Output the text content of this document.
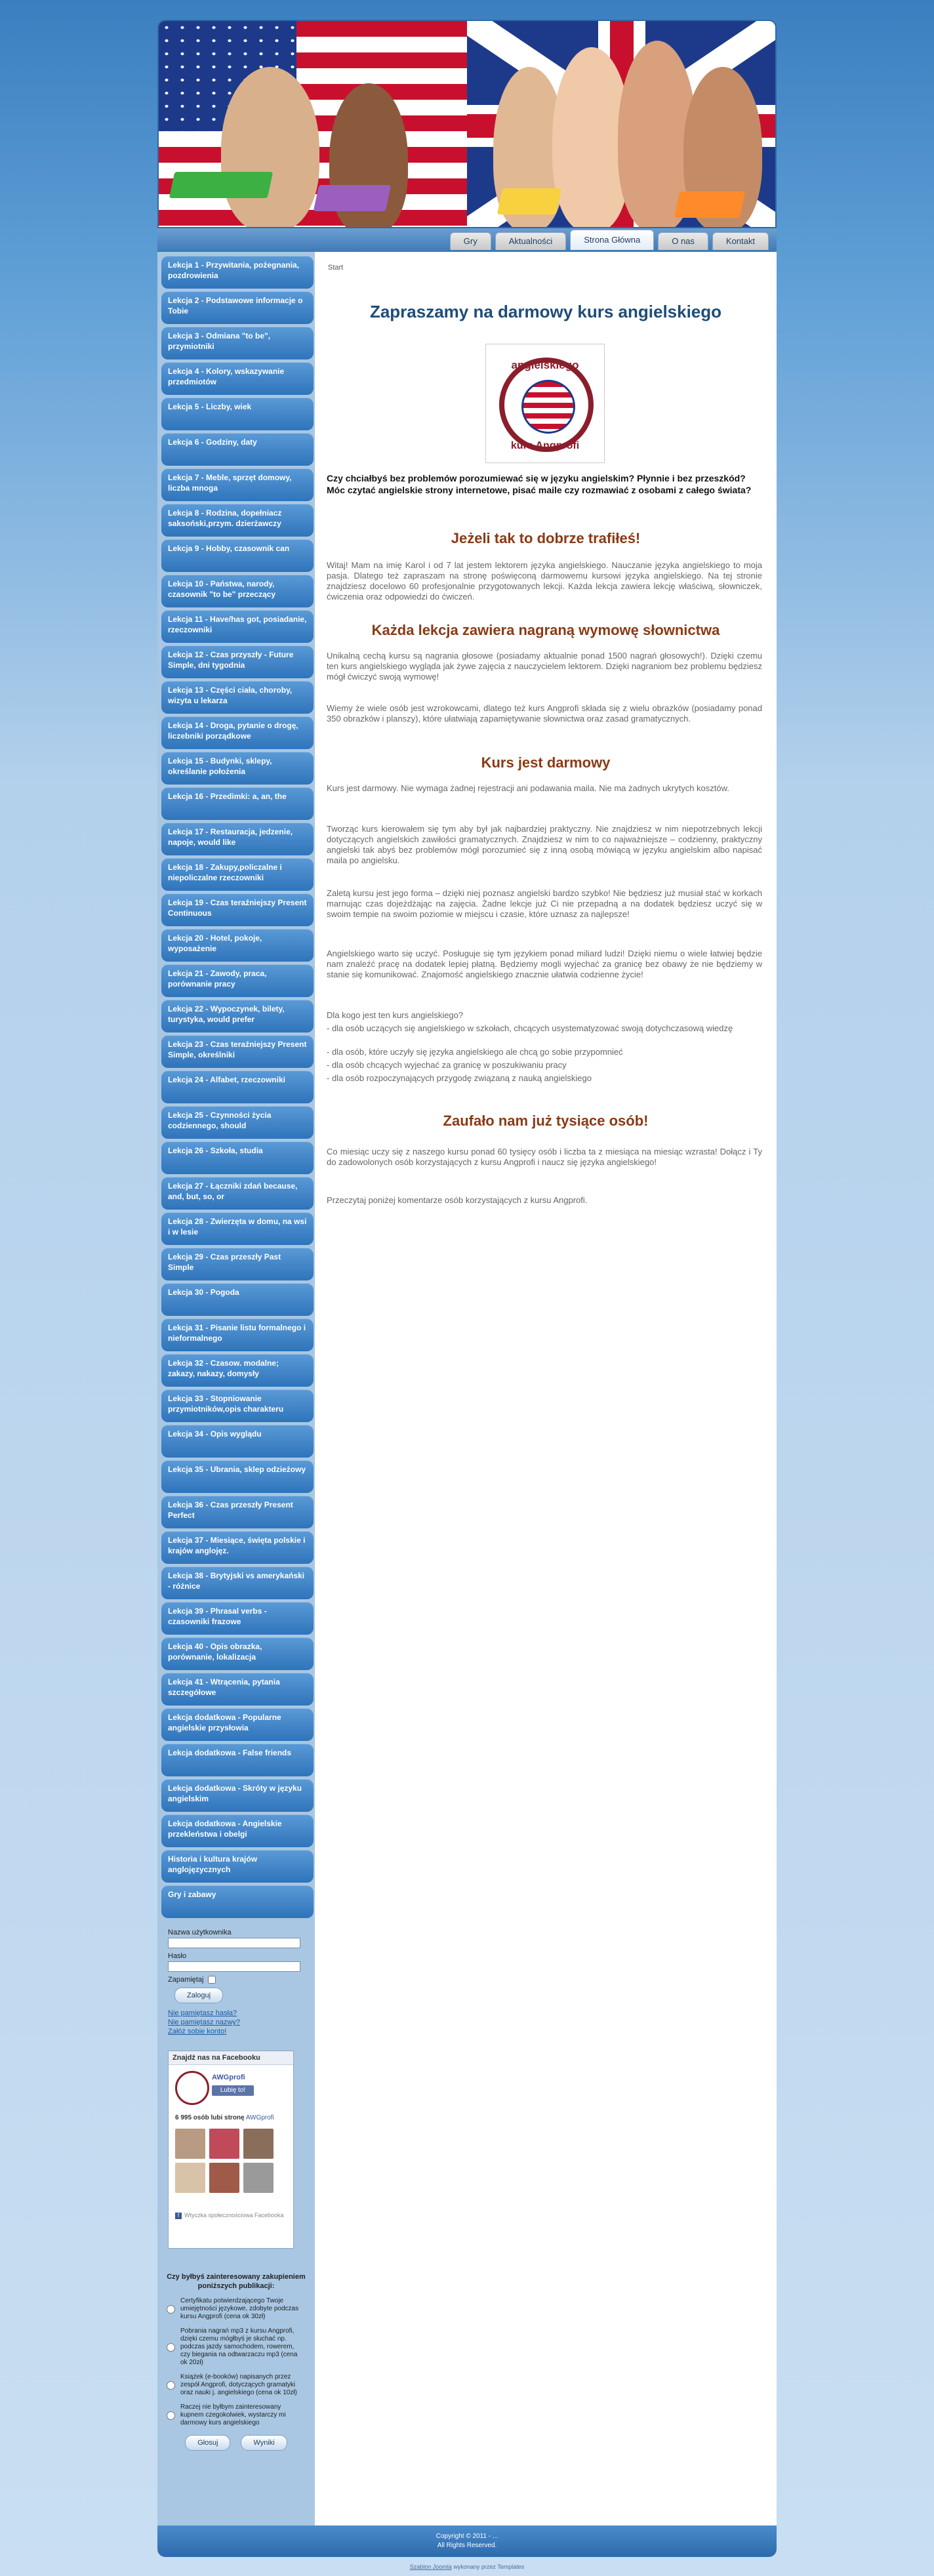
Gry	Aktualności	Strona Główna	O nas	Kontakt
Lekcja 1 - Przywitania, pożegnania, pozdrowienia
Lekcja 2 - Podstawowe informacje o Tobie
Lekcja 3 - Odmiana "to be", przymiotniki
Lekcja 4 - Kolory, wskazywanie przedmiotów
Lekcja 5 - Liczby, wiek
Lekcja 6 - Godziny, daty
Lekcja 7 - Meble, sprzęt domowy, liczba mnoga
Lekcja 8 - Rodzina, dopełniacz saksoński,przym. dzierżawczy
Lekcja 9 - Hobby, czasownik can
Lekcja 10 - Państwa, narody, czasownik "to be" przeczący
Lekcja 11 - Have/has got, posiadanie, rzeczowniki
Lekcja 12 - Czas przyszły - Future Simple, dni tygodnia
Lekcja 13 - Części ciała, choroby, wizyta u lekarza
Lekcja 14 - Droga, pytanie o drogę, liczebniki porządkowe
Lekcja 15 - Budynki, sklepy, określanie położenia
Lekcja 16 - Przedimki: a, an, the
Lekcja 17 - Restauracja, jedzenie, napoje, would like
Lekcja 18 - Zakupy,policzalne i niepoliczalne rzeczowniki
Lekcja 19 - Czas teraźniejszy Present Continuous
Lekcja 20 - Hotel, pokoje, wyposażenie
Lekcja 21 - Zawody, praca, porównanie pracy
Lekcja 22 - Wypoczynek, bilety, turystyka, would prefer
Lekcja 23 - Czas teraźniejszy Present Simple, określniki
Lekcja 24 - Alfabet, rzeczowniki
Lekcja 25 - Czynności życia codziennego, should
Lekcja 26 - Szkoła, studia
Lekcja 27 - Łączniki zdań because, and, but, so, or
Lekcja 28 - Zwierzęta w domu, na wsi i w lesie
Lekcja 29 - Czas przeszły Past Simple
Lekcja 30 - Pogoda
Lekcja 31 - Pisanie listu formalnego i nieformalnego
Lekcja 32 - Czasow. modalne; zakazy, nakazy, domysły
Lekcja 33 - Stopniowanie przymiotników,opis charakteru
Lekcja 34 - Opis wyglądu
Lekcja 35 - Ubrania, sklep odzieżowy
Lekcja 36 - Czas przeszły Present Perfect
Lekcja 37 - Miesiące, święta polskie i krajów anglojęz.
Lekcja 38 - Brytyjski vs amerykański - różnice
Lekcja 39 - Phrasal verbs - czasowniki frazowe
Lekcja 40 - Opis obrazka, porównanie, lokalizacja
Lekcja 41 - Wtrącenia, pytania szczegółowe
Lekcja dodatkowa - Popularne angielskie przysłowia
Lekcja dodatkowa - False friends
Lekcja dodatkowa - Skróty w języku angielskim
Lekcja dodatkowa - Angielskie przekleństwa i obelgi
Historia i kultura krajów anglojęzycznych
Gry i zabawy
Nazwa użytkownika
Hasło
Zapamiętaj
Zaloguj
Nie pamiętasz hasła?
Nie pamiętasz nazwy?
Załóż sobie konto!
Znajdź nas na Facebooku
AWGprofi
Lubię to!
6 995 osób lubi stronę AWGprofi
f Wtyczka społecznościowa Facebooka
Czy byłbyś zainteresowany zakupieniem poniższych publikacji:
Certyfikatu potwierdzającego Twoje umiejętności językowe, zdobyte podczas kursu Angprofi (cena ok 30zł)
Pobrania nagrań mp3 z kursu Angprofi, dzięki czemu mógłbyś je słuchać np. podczas jazdy samochodem, rowerem, czy biegania na odtwarzaczu mp3 (cena ok 20zł)
Książek (e-booków) napisanych przez zespół Angprofi, dotyczących gramatyki oraz nauki j. angielskiego (cena ok 10zł)
Raczej nie byłbym zainteresowany kupnem czegokolwiek, wystarczy mi darmowy kurs angielskiego
Głosuj	Wyniki
Start
Zapraszamy na darmowy kurs angielskiego
angielskiego
kurs Angprofi

Czy chciałbyś bez problemów porozumiewać się w języku angielskim? Płynnie i bez przeszkód? Móc czytać angielskie strony internetowe, pisać maile czy rozmawiać z osobami z całego świata?

Jeżeli tak to dobrze trafiłeś!

Witaj! Mam na imię Karol i od 7 lat jestem lektorem języka angielskiego. Nauczanie języka angielskiego to moja pasja. Dlatego też zapraszam na stronę poświęconą darmowemu kursowi języka angielskiego. Na tej stronie znajdziesz docelowo 60 profesjonalnie przygotowanych lekcji. Każda lekcja zawiera lekcję właściwą, słowniczek, ćwiczenia oraz odpowiedzi do ćwiczeń.

Każda lekcja zawiera nagraną wymowę słownictwa

Unikalną cechą kursu są nagrania głosowe (posiadamy aktualnie ponad 1500 nagrań głosowych!). Dzięki czemu ten kurs angielskiego wygląda jak żywe zajęcia z nauczycielem lektorem. Dzięki nagraniom bez problemu będziesz mógł ćwiczyć swoją wymowę!

Wiemy że wiele osób jest wzrokowcami, dlatego też kurs Angprofi składa się z wielu obrazków (posiadamy ponad 350 obrazków i planszy), które ułatwiają zapamiętywanie słownictwa oraz zasad gramatycznych.

Kurs jest darmowy

Kurs jest darmowy. Nie wymaga żadnej rejestracji ani podawania maila. Nie ma żadnych ukrytych kosztów.

Tworząc kurs kierowałem się tym aby był jak najbardziej praktyczny. Nie znajdziesz w nim niepotrzebnych lekcji dotyczących angielskich zawiłości gramatycznych. Znajdziesz w nim to co najważniejsze – codzienny, praktyczny angielski tak abyś bez problemów mógł porozumieć się z inną osobą mówiącą w języku angielskim albo napisać maila po angielsku.

Zaletą kursu jest jego forma – dzięki niej poznasz angielski bardzo szybko! Nie będziesz już musiał stać w korkach marnując czas dojeżdżając na zajęcia. Żadne lekcje już Ci nie przepadną a na dodatek będziesz uczyć się w swoim tempie na swoim poziomie w miejscu i czasie, które uznasz za najlepsze!

Angielskiego warto się uczyć. Posługuje się tym językiem ponad miliard ludzi! Dzięki niemu o wiele łatwiej będzie nam znaleźć pracę na dodatek lepiej płatną. Będziemy mogli wyjechać za granicę bez obawy że nie będziemy w stanie się komunikować. Znajomość angielskiego znacznie ułatwia codzienne życie!

Dla kogo jest ten kurs angielskiego?

- dla osób uczących się angielskiego w szkołach, chcących usystematyzować swoją dotychczasową wiedzę

- dla osób, które uczyły się języka angielskiego ale chcą go sobie przypomnieć

- dla osób chcących wyjechać za granicę w poszukiwaniu pracy

- dla osób rozpoczynających przygodę związaną z nauką angielskiego

Zaufało nam już tysiące osób!

Co miesiąc uczy się z naszego kursu ponad 60 tysięcy osób i liczba ta z miesiąca na miesiąc wzrasta! Dołącz i Ty do zadowolonych osób korzystających z kursu Angprofi i naucz się języka angielskiego!

Przeczytaj poniżej komentarze osób korzystających z kursu Angprofi.

Copyright © 2011 - ...
All Rights Reserved.
Szablon Joomla wykonany przez Templates
